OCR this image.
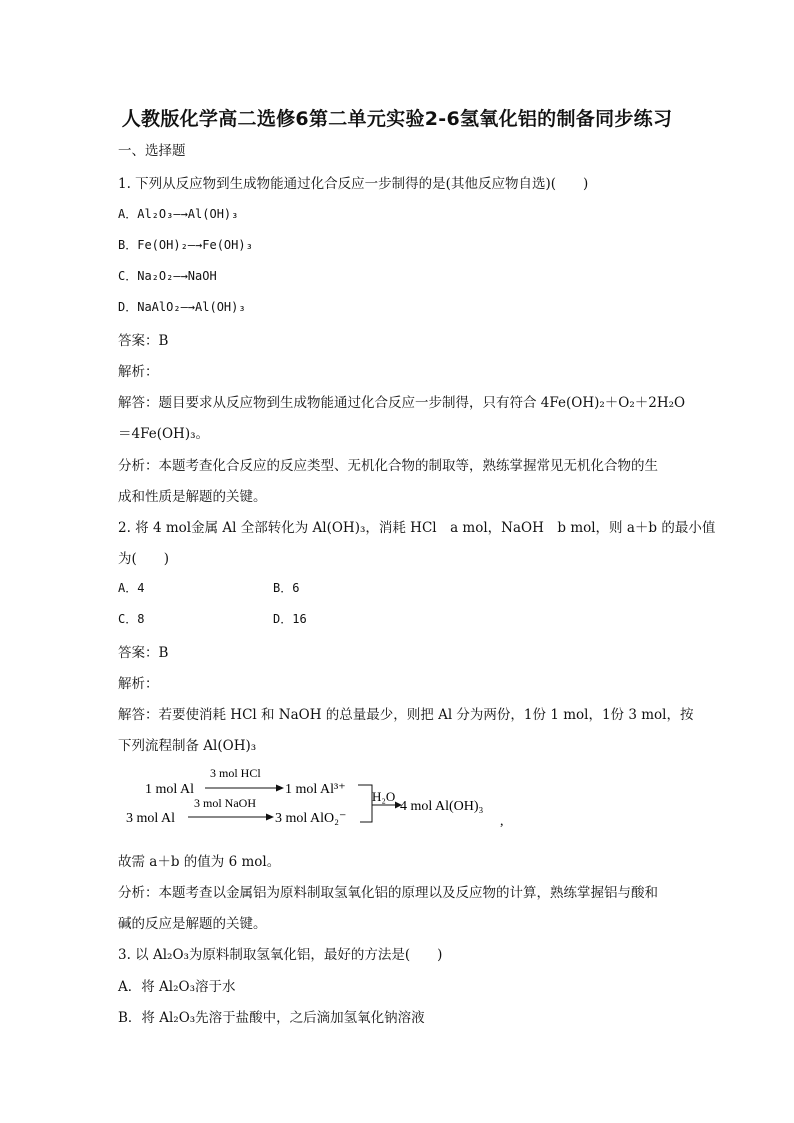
人教版化学高二选修6第二单元实验2-6氢氧化铝的制备同步练习
一、选择题
1. 下列从反应物到生成物能通过化合反应一步制得的是(其他反应物自选)(　　)
A．Al₂O₃—→Al(OH)₃
B．Fe(OH)₂—→Fe(OH)₃
C．Na₂O₂—→NaOH
D．NaAlO₂—→Al(OH)₃
答案：B
解析：
解答：题目要求从反应物到生成物能通过化合反应一步制得，只有符合 4Fe(OH)₂＋O₂＋2H₂O
＝4Fe(OH)₃。
分析：本题考查化合反应的反应类型、无机化合物的制取等，熟练掌握常见无机化合物的生
成和性质是解题的关键。
2. 将 4 mol金属 Al 全部转化为 Al(OH)₃，消耗 HCl　a mol，NaOH　b mol，则 a＋b 的最小值
为(　　)
A．4	B．6
C．8	D．16
答案：B
解析：
解答：若要使消耗 HCl 和 NaOH 的总量最少，则把 Al 分为两份，1份 1 mol，1份 3 mol，按
下列流程制备 Al(OH)₃
1 mol Al
3 mol HCl
1 mol Al³⁺
3 mol Al
3 mol NaOH
3 mol AlO₂⁻
H₂O
4 mol Al(OH)₃
,
故需 a＋b 的值为 6 mol。
分析：本题考查以金属铝为原料制取氢氧化铝的原理以及反应物的计算，熟练掌握铝与酸和
碱的反应是解题的关键。
3. 以 Al₂O₃为原料制取氢氧化铝，最好的方法是(　　)
A．将 Al₂O₃溶于水
B．将 Al₂O₃先溶于盐酸中，之后滴加氢氧化钠溶液
